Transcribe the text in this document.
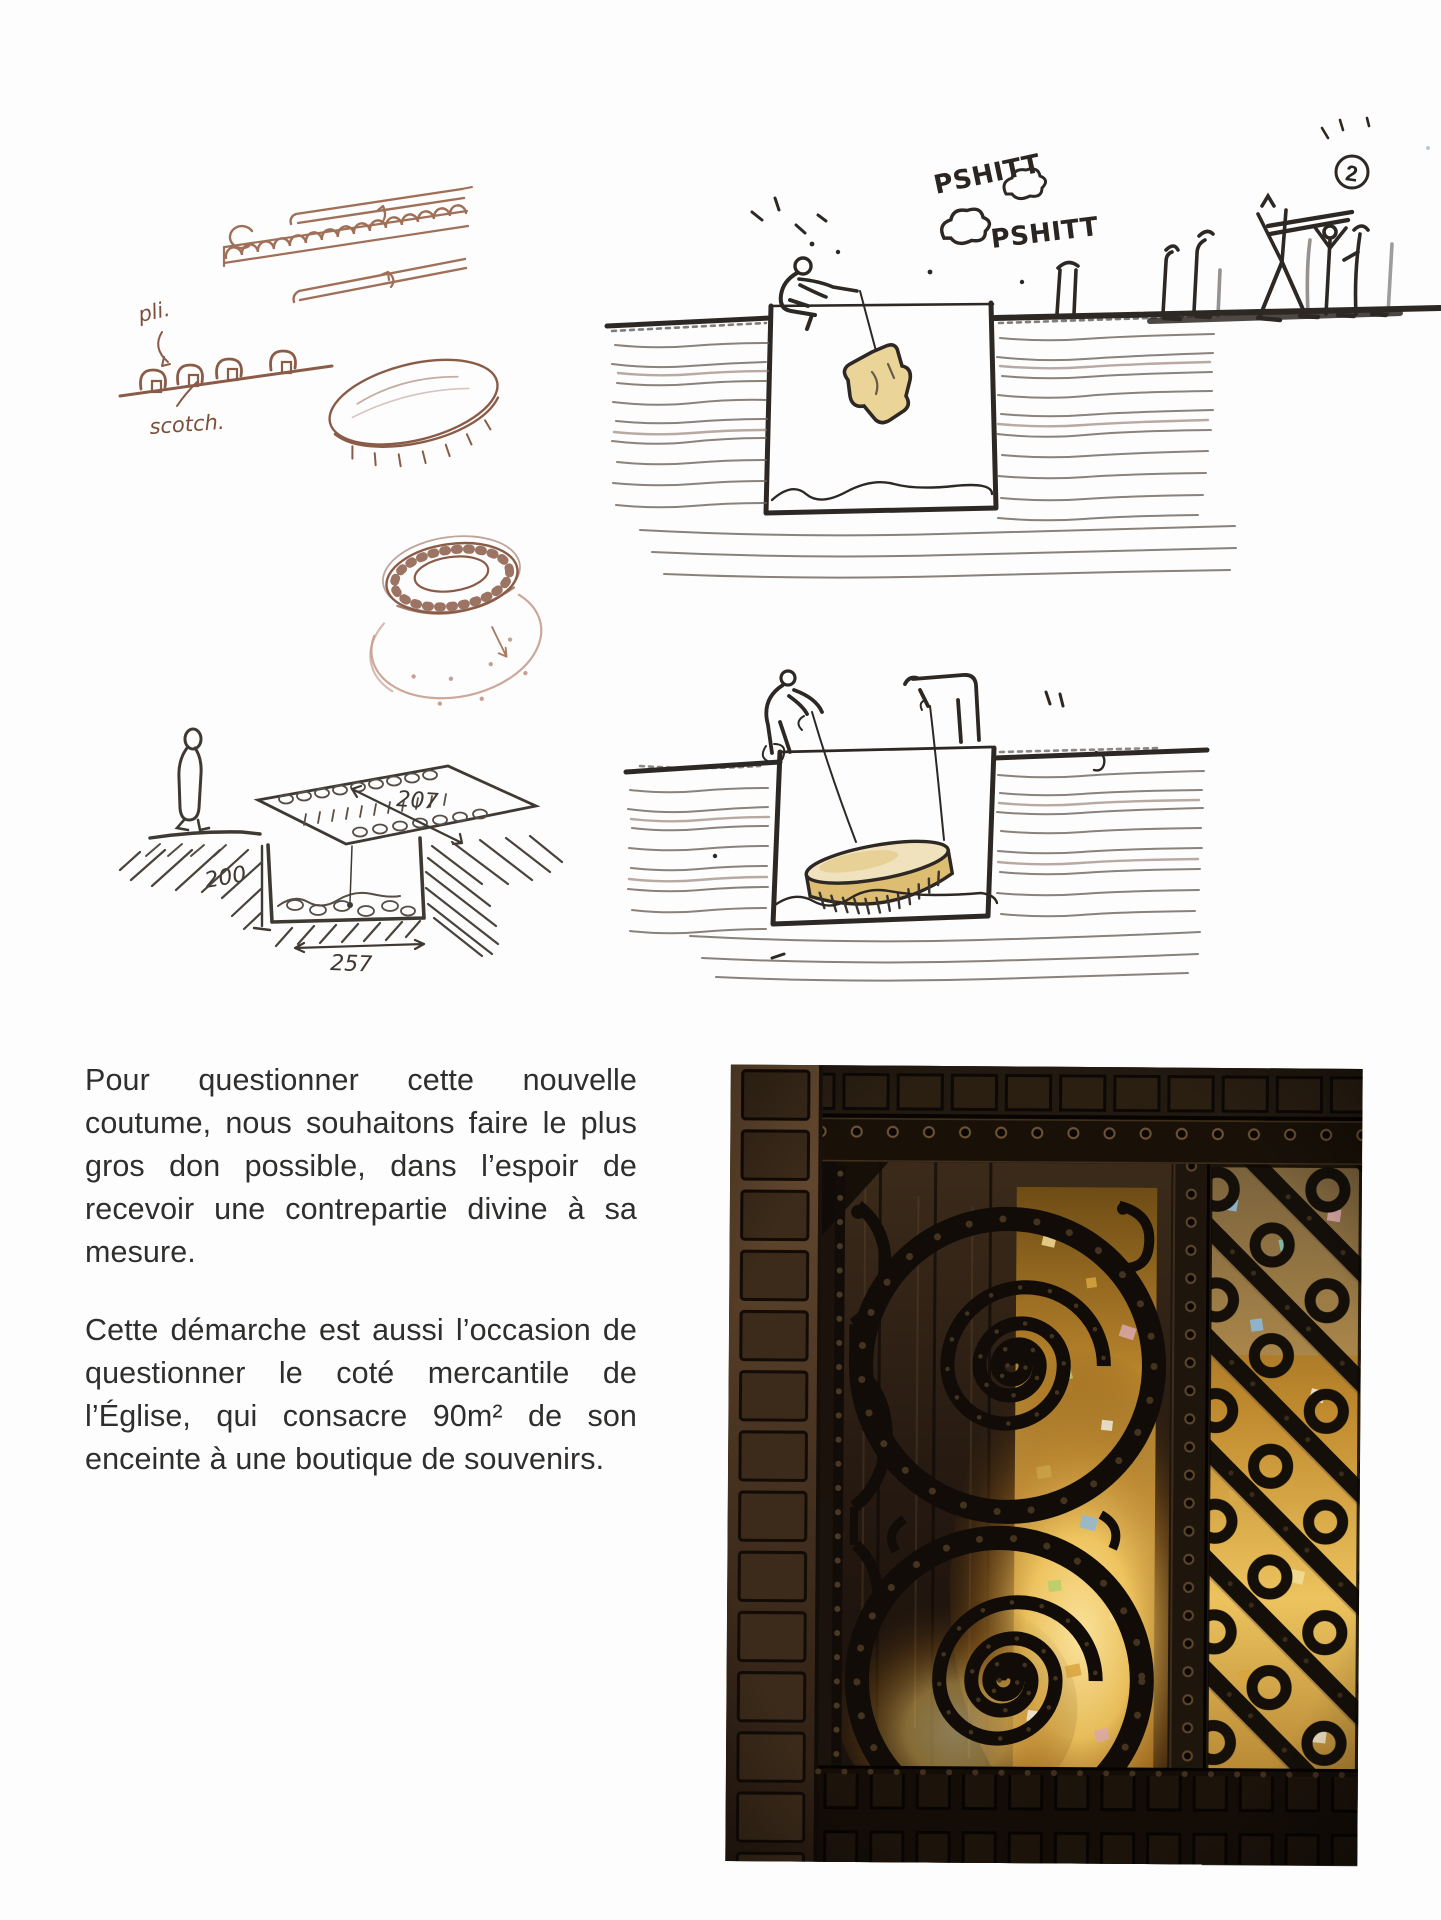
pli.
scotch.
207
200
257
PSHITT
PSHITT
2
Pour questionner cette nouvelle
coutume, nous souhaitons faire le plus
gros don possible, dans l’espoir de
recevoir une contrepartie divine à sa
mesure.
Cette démarche est aussi l’occasion de
questionner le coté mercantile de
l’Église, qui consacre 90m² de son
enceinte à une boutique de souvenirs.
